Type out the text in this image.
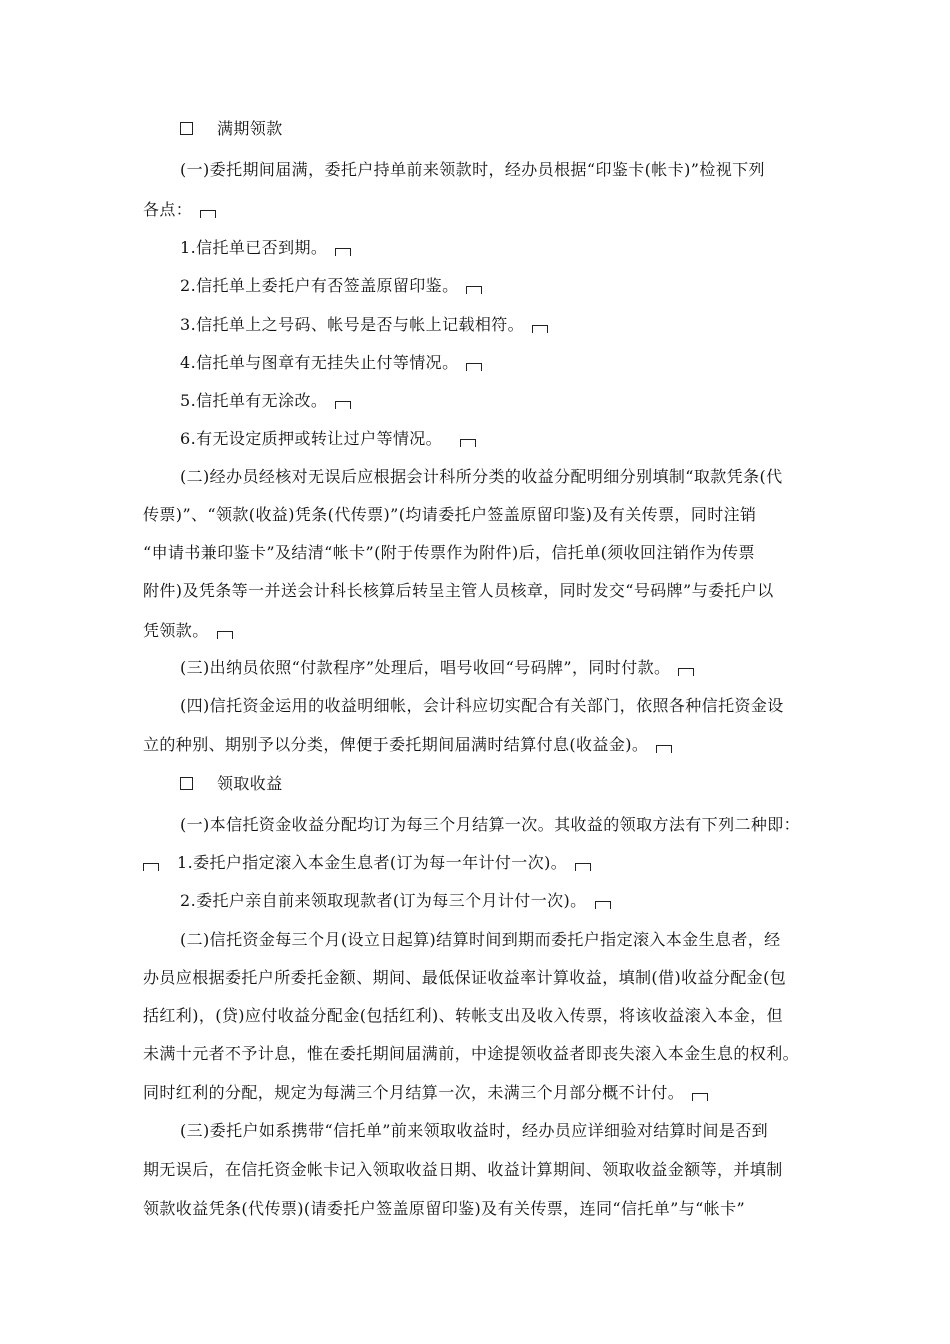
满期领款
(一)委托期间届满，委托户持单前来领款时，经办员根据“印鉴卡(帐卡)”检视下列
各点：
1.信托单已否到期。
2.信托单上委托户有否签盖原留印鉴。
3.信托单上之号码、帐号是否与帐上记载相符。
4.信托单与图章有无挂失止付等情况。
5.信托单有无涂改。
6.有无设定质押或转让过户等情况。
(二)经办员经核对无误后应根据会计科所分类的收益分配明细分别填制“取款凭条(代
传票)”、“领款(收益)凭条(代传票)”(均请委托户签盖原留印鉴)及有关传票，同时注销
“申请书兼印鉴卡”及结清“帐卡”(附于传票作为附件)后，信托单(须收回注销作为传票
附件)及凭条等一并送会计科长核算后转呈主管人员核章，同时发交“号码牌”与委托户以
凭领款。
(三)出纳员依照“付款程序”处理后，唱号收回“号码牌”，同时付款。
(四)信托资金运用的收益明细帐，会计科应切实配合有关部门，依照各种信托资金设
立的种别、期别予以分类，俾便于委托期间届满时结算付息(收益金)。
领取收益
(一)本信托资金收益分配均订为每三个月结算一次。其收益的领取方法有下列二种即：
1.委托户指定滚入本金生息者(订为每一年计付一次)。
2.委托户亲自前来领取现款者(订为每三个月计付一次)。
(二)信托资金每三个月(设立日起算)结算时间到期而委托户指定滚入本金生息者，经
办员应根据委托户所委托金额、期间、最低保证收益率计算收益，填制(借)收益分配金(包
括红利)，(贷)应付收益分配金(包括红利)、转帐支出及收入传票，将该收益滚入本金，但
未满十元者不予计息，惟在委托期间届满前，中途提领收益者即丧失滚入本金生息的权利。
同时红利的分配，规定为每满三个月结算一次，未满三个月部分概不计付。
(三)委托户如系携带“信托单”前来领取收益时，经办员应详细验对结算时间是否到
期无误后，在信托资金帐卡记入领取收益日期、收益计算期间、领取收益金额等，并填制
领款收益凭条(代传票)(请委托户签盖原留印鉴)及有关传票，连同“信托单”与“帐卡”
